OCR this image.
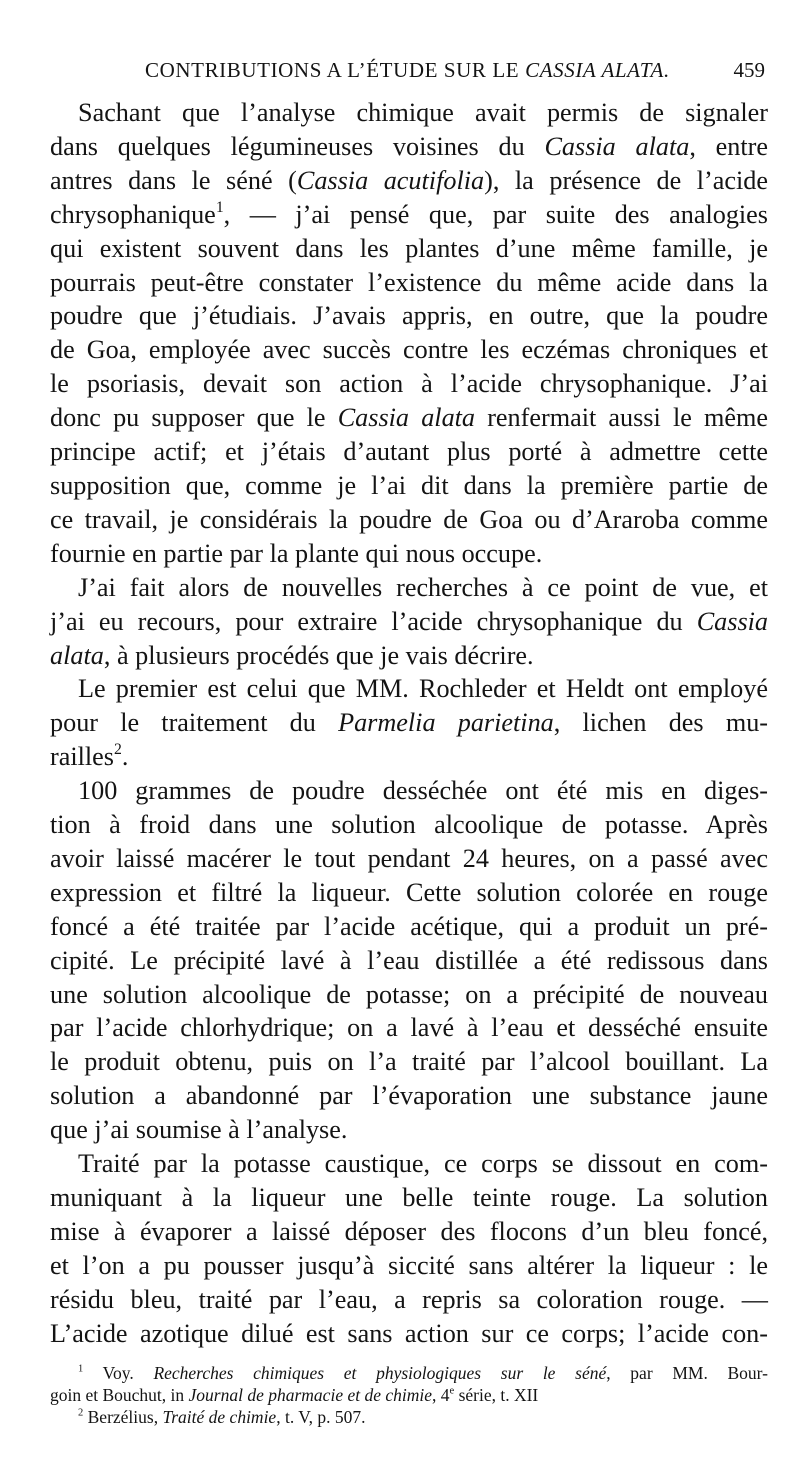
CONTRIBUTIONS A L’ÉTUDE SUR LE CASSIA ALATA.	459
Sachant que l’analyse chimique avait permis de signaler
dans quelques légumineuses voisines du Cassia alata, entre
antres dans le séné (Cassia acutifolia), la présence de l’acide
chrysophanique$^1$, — j’ai pensé que, par suite des analogies
qui existent souvent dans les plantes d’une même famille, je
pourrais peut-être constater l’existence du même acide dans la
poudre que j’étudiais. J’avais appris, en outre, que la poudre
de Goa, employée avec succès contre les eczémas chroniques et
le psoriasis, devait son action à l’acide chrysophanique. J’ai
donc pu supposer que le Cassia alata renfermait aussi le même
principe actif; et j’étais d’autant plus porté à admettre cette
supposition que, comme je l’ai dit dans la première partie de
ce travail, je considérais la poudre de Goa ou d’Araroba comme
fournie en partie par la plante qui nous occupe.
J’ai fait alors de nouvelles recherches à ce point de vue, et
j’ai eu recours, pour extraire l’acide chrysophanique du Cassia
alata, à plusieurs procédés que je vais décrire.
Le premier est celui que MM. Rochleder et Heldt ont employé
pour le traitement du Parmelia parietina, lichen des mu-
railles$^2$.
100 grammes de poudre desséchée ont été mis en diges-
tion à froid dans une solution alcoolique de potasse. Après
avoir laissé macérer le tout pendant 24 heures, on a passé avec
expression et filtré la liqueur. Cette solution colorée en rouge
foncé a été traitée par l’acide acétique, qui a produit un pré-
cipité. Le précipité lavé à l’eau distillée a été redissous dans
une solution alcoolique de potasse; on a précipité de nouveau
par l’acide chlorhydrique; on a lavé à l’eau et desséché ensuite
le produit obtenu, puis on l’a traité par l’alcool bouillant. La
solution a abandonné par l’évaporation une substance jaune
que j’ai soumise à l’analyse.
Traité par la potasse caustique, ce corps se dissout en com-
muniquant à la liqueur une belle teinte rouge. La solution
mise à évaporer a laissé déposer des flocons d’un bleu foncé,
et l’on a pu pousser jusqu’à siccité sans altérer la liqueur : le
résidu bleu, traité par l’eau, a repris sa coloration rouge. —
L’acide azotique dilué est sans action sur ce corps; l’acide con-
$^1$ Voy. Recherches chimiques et physiologiques sur le séné, par MM. Bour-
goin et Bouchut, in Journal de pharmacie et de chimie, 4e série, t. XII
$^2$ Berzélius, Traité de chimie, t. V, p. 507.
